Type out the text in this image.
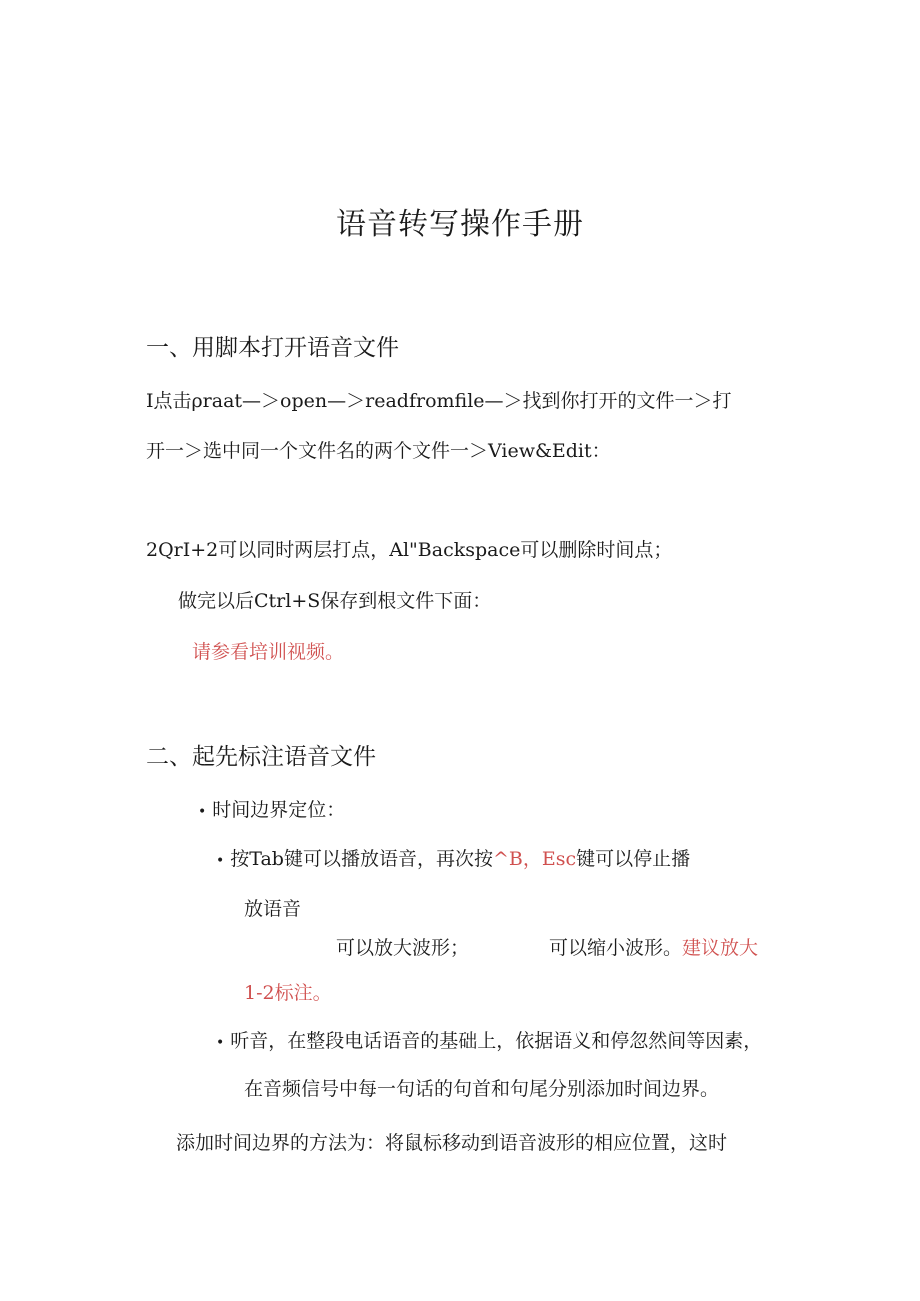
语音转写操作手册
一、用脚本打开语音文件
I点击ρraat—＞open—＞readfromfile—＞找到你打开的文件一＞打
开一＞选中同一个文件名的两个文件一＞View&Edit：
2QrI+2可以同时两层打点，Al"Backspace可以删除时间点；
做完以后Ctrl+S保存到根文件下面：
请参看培训视频。
二、起先标注语音文件
• 时间边界定位：
• 按Tab键可以播放语音，再次按^B，Esc键可以停止播
放语音
可以放大波形；	可以缩小波形。建议放大
1-2标注。
• 听音，在整段电话语音的基础上，依据语义和停忽然间等因素，
在音频信号中每一句话的句首和句尾分别添加时间边界。
添加时间边界的方法为：将鼠标移动到语音波形的相应位置，这时
